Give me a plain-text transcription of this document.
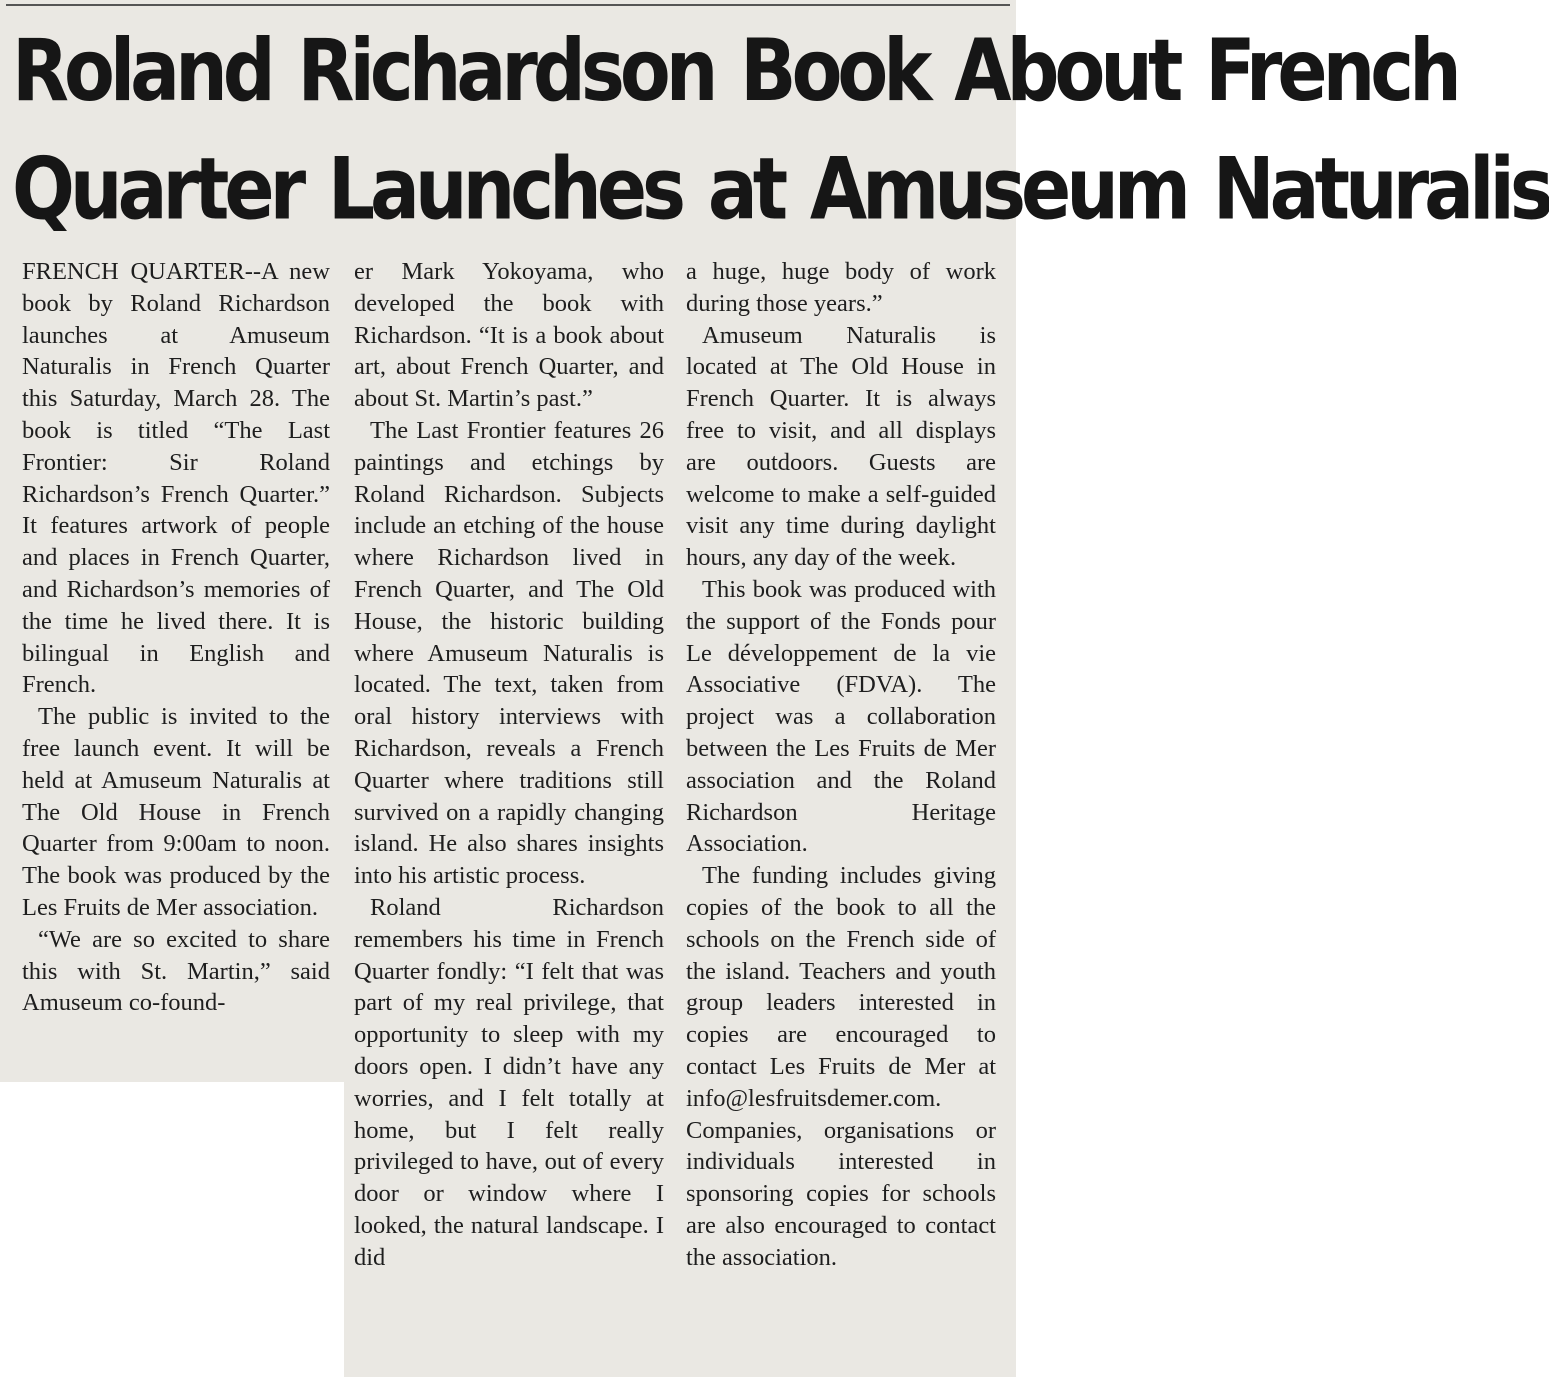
Roland Richardson Book About French
Quarter Launches at Amuseum Naturalis

FRENCH QUARTER--A new book by Roland Richardson launches at Amuseum Naturalis in French Quarter this Saturday, March 28. The book is titled “The Last Frontier: Sir Roland Richardson’s French Quarter.” It features artwork of people and places in French Quarter, and Richardson’s memories of the time he lived there. It is bilingual in English and French.

The public is invited to the free launch event. It will be held at Amuseum Naturalis at The Old House in French Quarter from 9:00am to noon. The book was produced by the Les Fruits de Mer association.

“We are so excited to share this with St. Martin,” said Amuseum co-found-

er Mark Yokoyama, who developed the book with Richardson. “It is a book about art, about French Quarter, and about St. Martin’s past.”

The Last Frontier features 26 paintings and etchings by Roland Richardson. Subjects include an etching of the house where Richardson lived in French Quarter, and The Old House, the historic building where Amuseum Naturalis is located. The text, taken from oral history interviews with Richardson, reveals a French Quarter where traditions still survived on a rapidly changing island. He also shares insights into his artistic process.

Roland Richardson remembers his time in French Quarter fondly: “I felt that was part of my real privilege, that opportunity to sleep with my doors open. I didn’t have any worries, and I felt totally at home, but I felt really privileged to have, out of every door or window where I looked, the natural landscape. I did

a huge, huge body of work during those years.”

Amuseum Naturalis is located at The Old House in French Quarter. It is always free to visit, and all displays are outdoors. Guests are welcome to make a self-guided visit any time during daylight hours, any day of the week.

This book was produced with the support of the Fonds pour Le développement de la vie Associative (FDVA). The project was a collaboration between the Les Fruits de Mer association and the Roland Richardson Heritage Association.

The funding includes giving copies of the book to all the schools on the French side of the island. Teachers and youth group leaders interested in copies are encouraged to contact Les Fruits de Mer at info@lesfruitsdemer.com. Companies, organisations or individuals interested in sponsoring copies for schools are also encouraged to contact the association.
